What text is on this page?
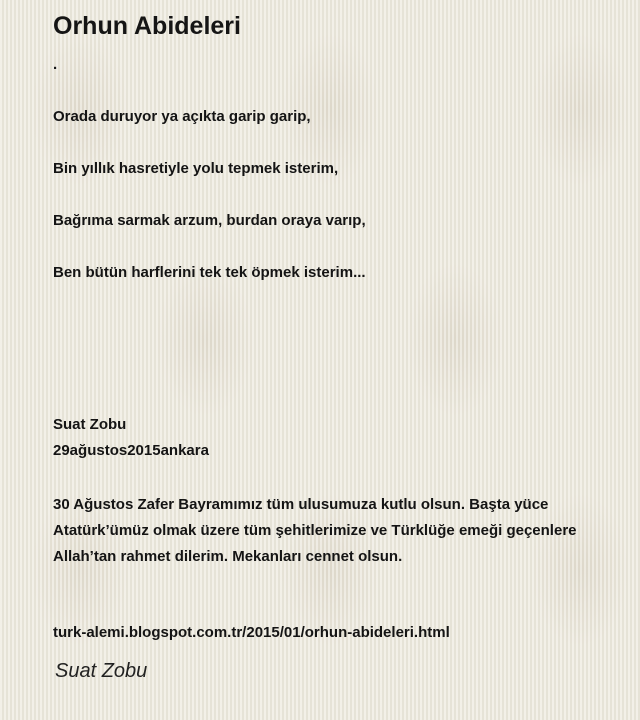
Orhun Abideleri

.

Orada duruyor ya açıkta garip garip,

Bin yıllık hasretiyle yolu tepmek isterim,

Bağrıma sarmak arzum, burdan oraya varıp,

Ben bütün harflerini tek tek öpmek isterim...

Suat Zobu

29ağustos2015ankara

30 Ağustos Zafer Bayramımız tüm ulusumuza kutlu olsun. Başta yüce Atatürk’ümüz olmak üzere tüm şehitlerimize ve Türklüğe emeği geçenlere Allah’tan rahmet dilerim. Mekanları cennet olsun.

turk-alemi.blogspot.com.tr/2015/01/orhun-abideleri.html

Suat Zobu
